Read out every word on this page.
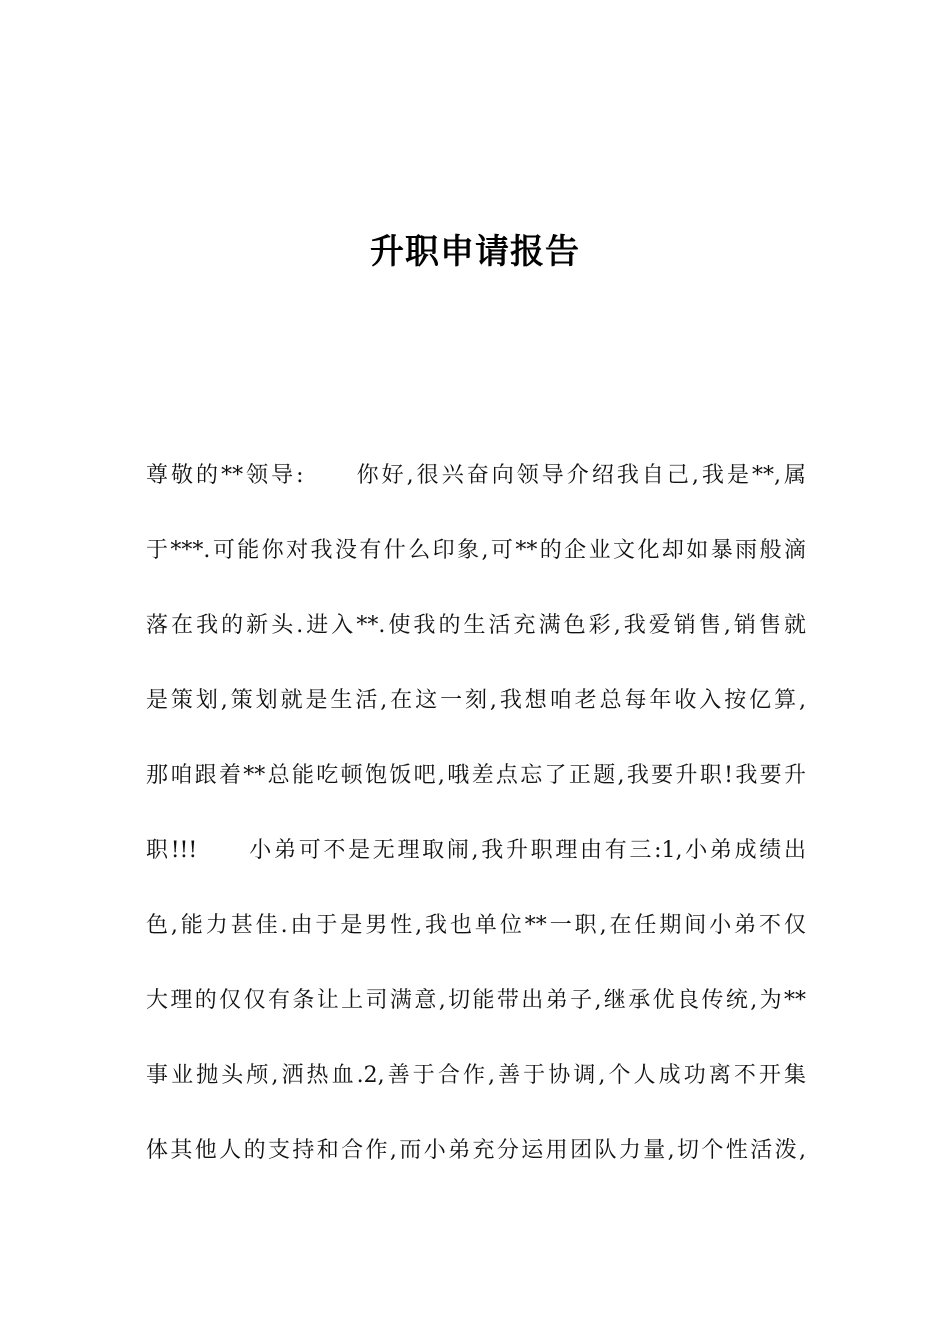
升职申请报告
尊敬的**领导:　　你好,很兴奋向领导介绍我自己,我是**,属
于***.可能你对我没有什么印象,可**的企业文化却如暴雨般滴
落在我的新头.进入**.使我的生活充满色彩,我爱销售,销售就
是策划,策划就是生活,在这一刻,我想咱老总每年收入按亿算,
那咱跟着**总能吃顿饱饭吧,哦差点忘了正题,我要升职!我要升
职!!!　　小弟可不是无理取闹,我升职理由有三:1,小弟成绩出
色,能力甚佳.由于是男性,我也单位**一职,在任期间小弟不仅
大理的仅仅有条让上司满意,切能带出弟子,继承优良传统,为**
事业抛头颅,洒热血.2,善于合作,善于协调,个人成功离不开集
体其他人的支持和合作,而小弟充分运用团队力量,切个性活泼,
